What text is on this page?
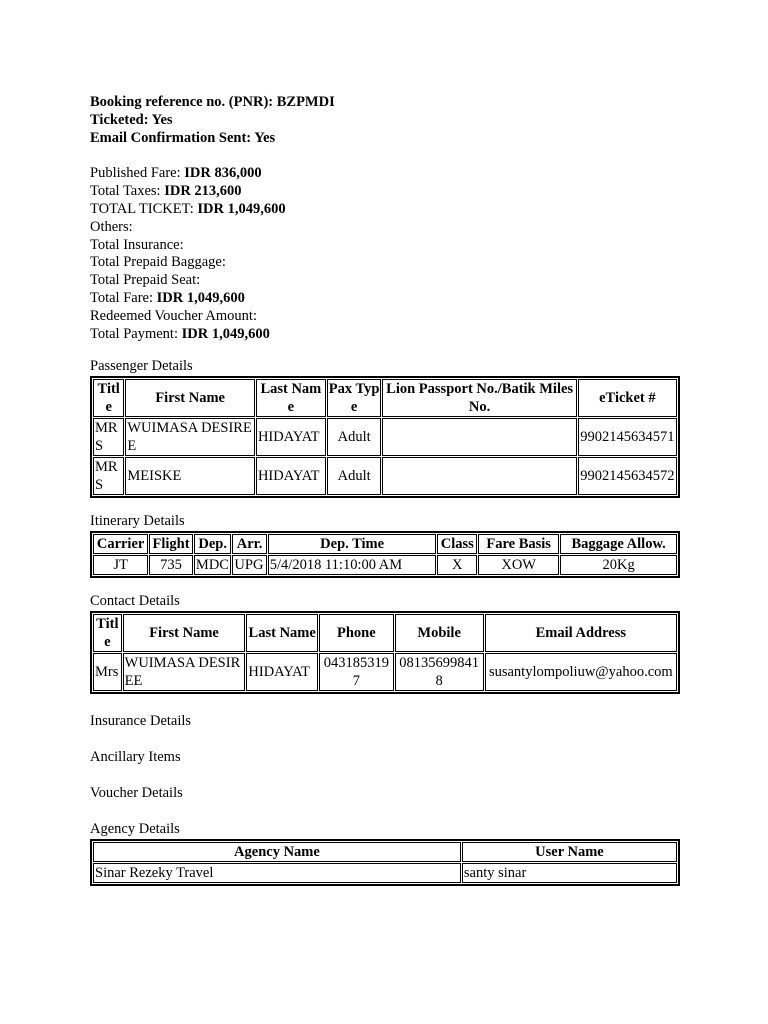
Booking reference no. (PNR): BZPMDI
Ticketed: Yes
Email Confirmation Sent: Yes
Published Fare: IDR 836,000
Total Taxes: IDR 213,600
TOTAL TICKET: IDR 1,049,600
Others:
Total Insurance:
Total Prepaid Baggage:
Total Prepaid Seat:
Total Fare: IDR 1,049,600
Redeemed Voucher Amount:
Total Payment: IDR 1,049,600
Passenger Details
Title	First Name	Last Name	Pax Type	Lion Passport No./Batik Miles No.	eTicket #
MRS	WUIMASA DESIREE	HIDAYAT	Adult		9902145634571
MRS	MEISKE	HIDAYAT	Adult		9902145634572
Itinerary Details
Carrier	Flight	Dep.	Arr.	Dep. Time	Class	Fare Basis	Baggage Allow.
JT	735	MDC	UPG	5/4/2018 11:10:00 AM	X	XOW	20Kg
Contact Details
Title	First Name	Last Name	Phone	Mobile	Email Address
Mrs	WUIMASA DESIREE	HIDAYAT	0431853197	081356998418	susantylompoliuw@yahoo.com
Insurance Details
Ancillary Items
Voucher Details
Agency Details
Agency Name	User Name
Sinar Rezeky Travel	santy sinar
